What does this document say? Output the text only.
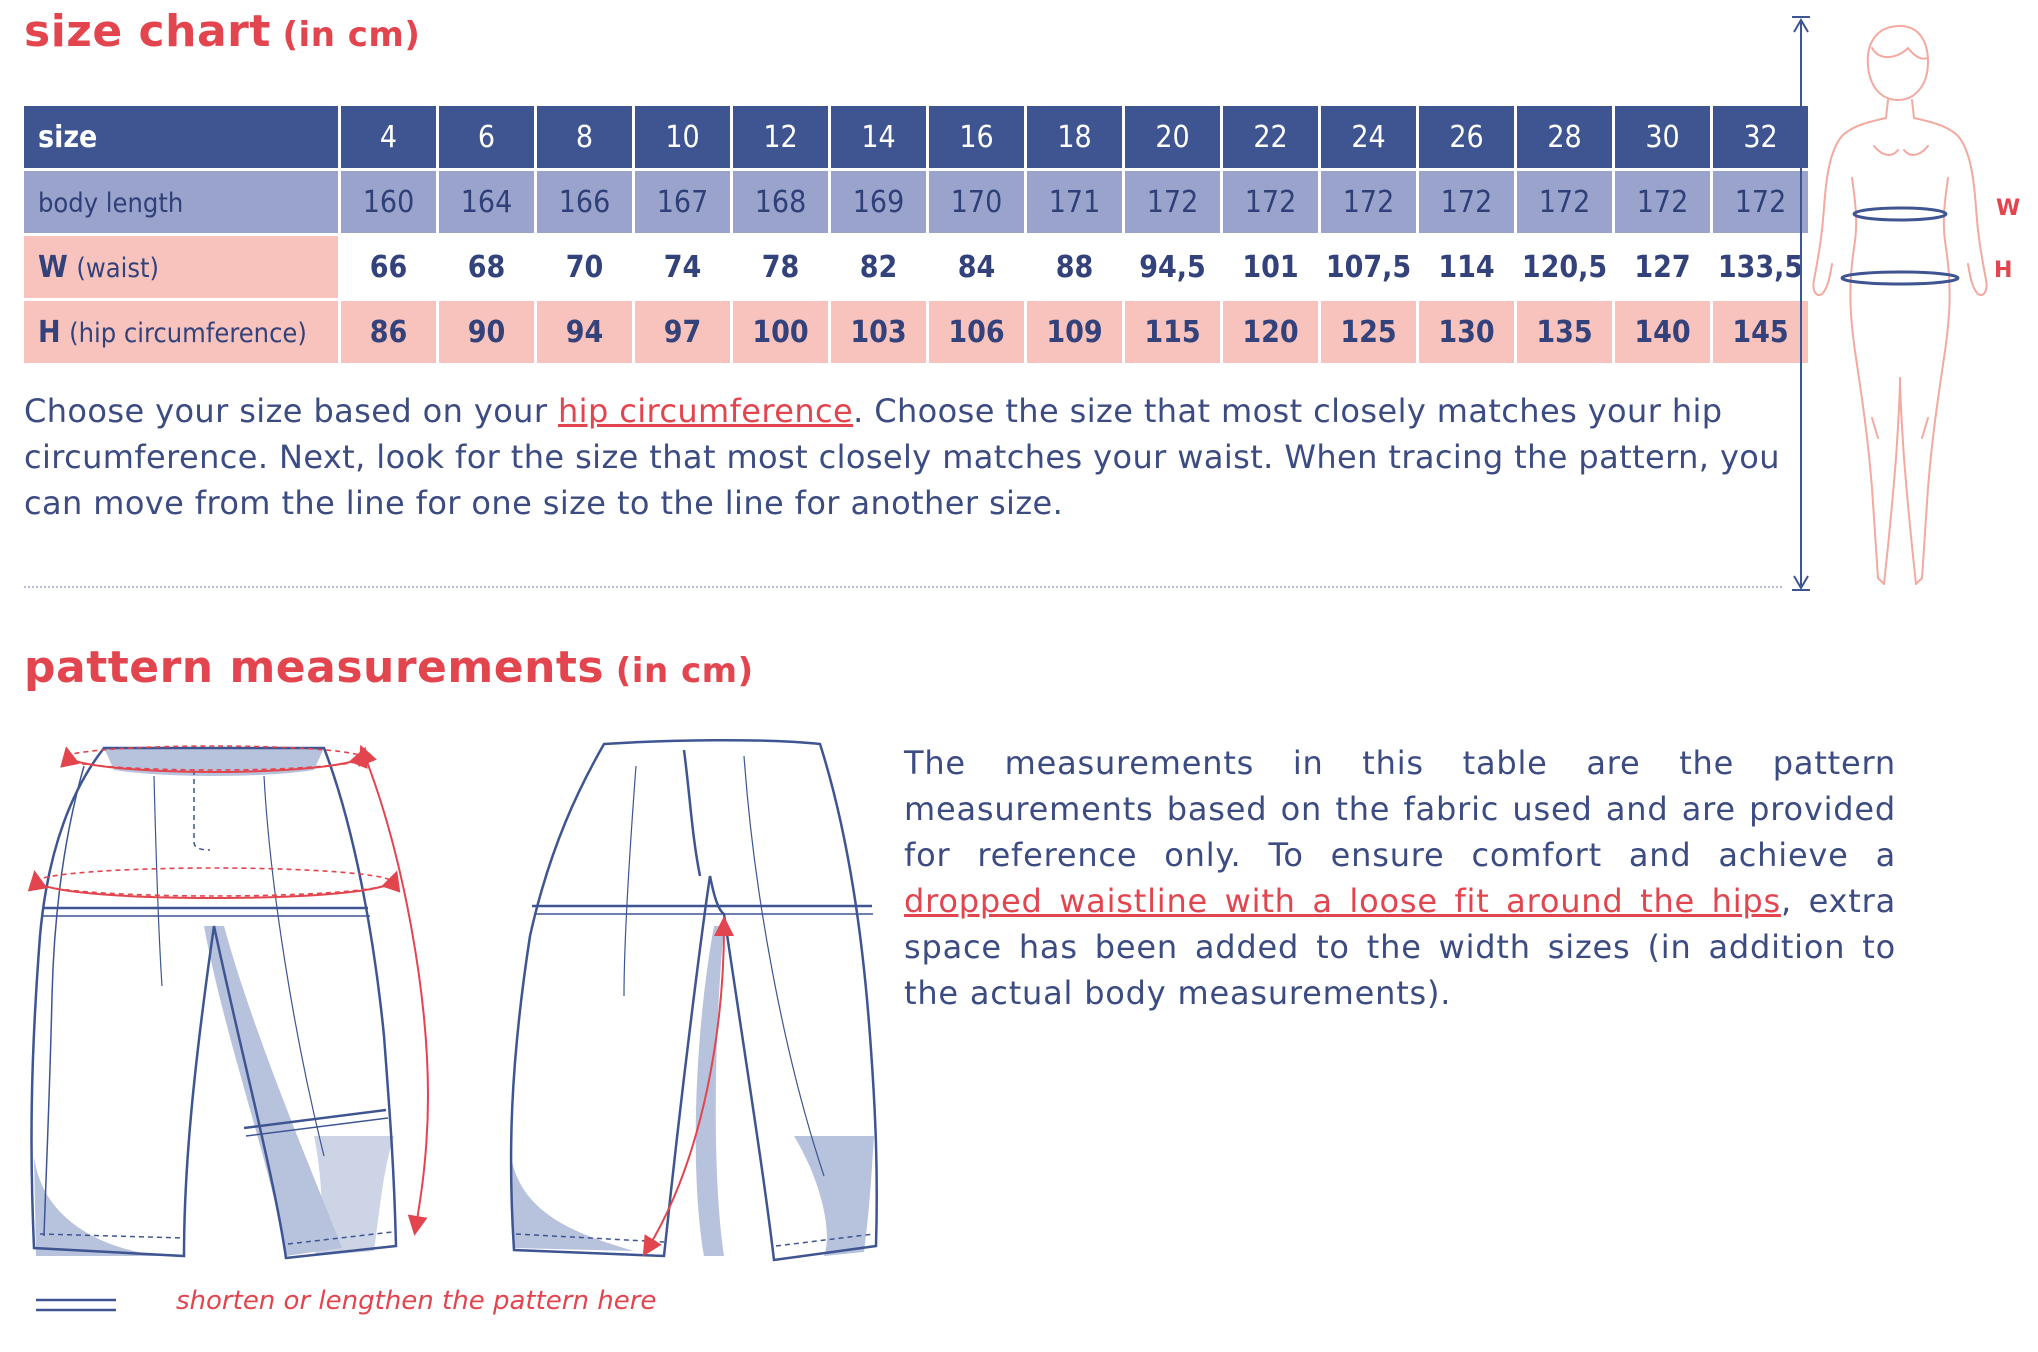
size chart (in cm)
size	4	6	8	10	12	14	16	18	20	22	24	26	28	30	32
body length	160	164	166	167	168	169	170	171	172	172	172	172	172	172	172
W (waist)	66	68	70	74	78	82	84	88	94,5	101	107,5	114	120,5	127	133,5
H (hip circumference)	86	90	94	97	100	103	106	109	115	120	125	130	135	140	145

Choose your size based on your hip circumference. Choose the size that most closely matches your hip circumference. Next, look for the size that most closely matches your waist. When tracing the pattern, you can move from the line for one size to the line for another size.

W
H
pattern measurements (in cm)

The measurements in this table are the pattern measurements based on the fabric used and are provided for reference only. To ensure comfort and achieve a dropped waistline with a loose fit around the hips, extra space has been added to the width sizes (in addition to the actual body measurements).

shorten or lengthen the pattern here
